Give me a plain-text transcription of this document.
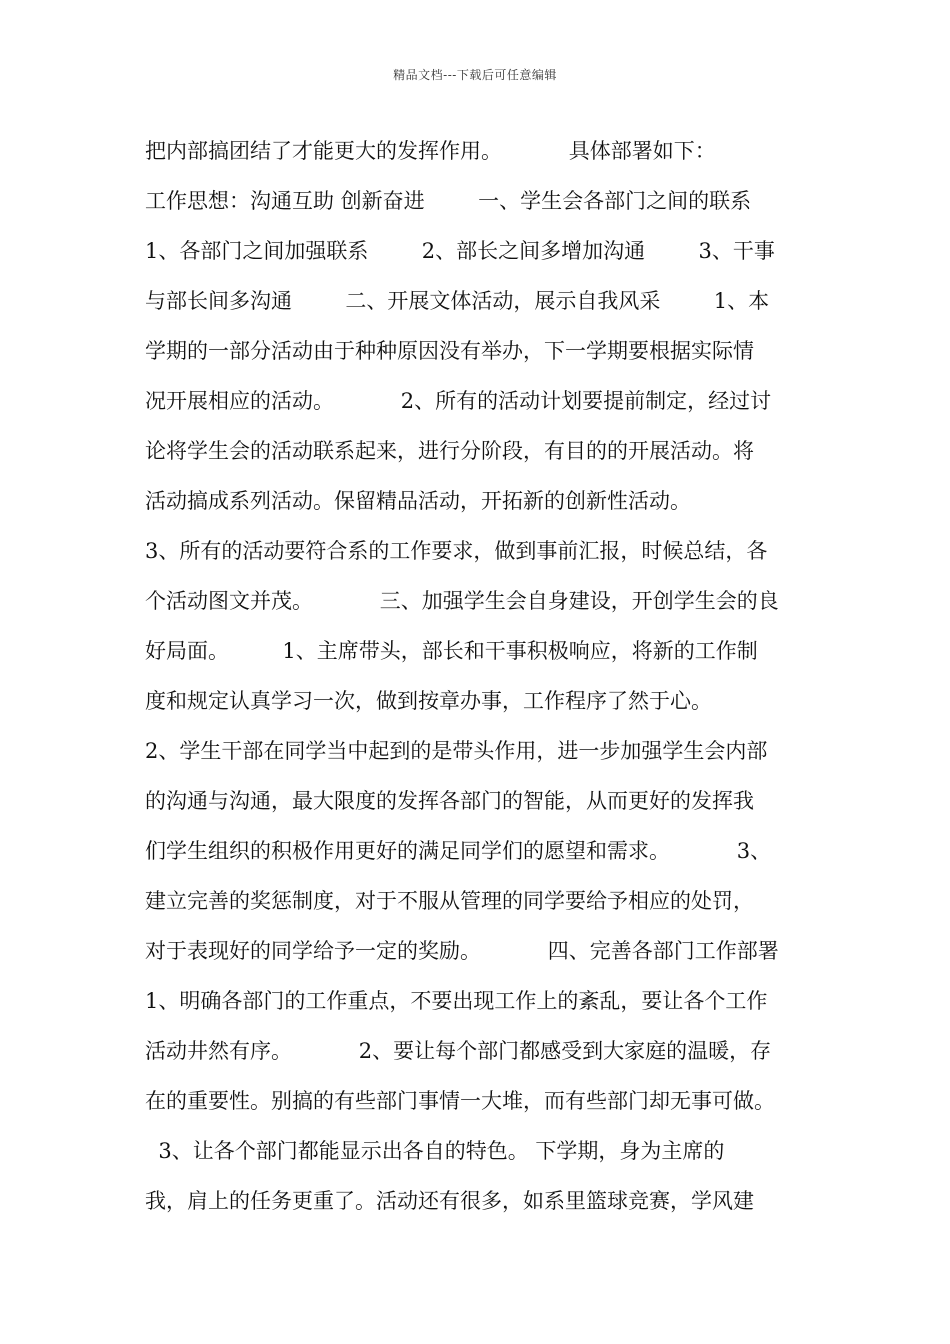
精品文档---下载后可任意编辑
把内部搞团结了才能更大的发挥作用。          具体部署如下：
工作思想：沟通互助 创新奋进        一、学生会各部门之间的联系
1、各部门之间加强联系        2、部长之间多增加沟通        3、干事
与部长间多沟通        二、开展文体活动，展示自我风采        1、本
学期的一部分活动由于种种原因没有举办，下一学期要根据实际情
况开展相应的活动。          2、所有的活动计划要提前制定，经过讨
论将学生会的活动联系起来，进行分阶段，有目的的开展活动。将
活动搞成系列活动。保留精品活动，开拓新的创新性活动。
3、所有的活动要符合系的工作要求，做到事前汇报，时候总结，各
个活动图文并茂。          三、加强学生会自身建设，开创学生会的良
好局面。        1、主席带头，部长和干事积极响应，将新的工作制
度和规定认真学习一次，做到按章办事，工作程序了然于心。
2、学生干部在同学当中起到的是带头作用，进一步加强学生会内部
的沟通与沟通，最大限度的发挥各部门的智能，从而更好的发挥我
们学生组织的积极作用更好的满足同学们的愿望和需求。          3、
建立完善的奖惩制度，对于不服从管理的同学要给予相应的处罚，
对于表现好的同学给予一定的奖励。          四、完善各部门工作部署
1、明确各部门的工作重点，不要出现工作上的紊乱，要让各个工作
活动井然有序。          2、要让每个部门都感受到大家庭的温暖，存
在的重要性。别搞的有些部门事情一大堆，而有些部门却无事可做。
3、让各个部门都能显示出各自的特色。 下学期，身为主席的
我，肩上的任务更重了。活动还有很多，如系里篮球竞赛，学风建
